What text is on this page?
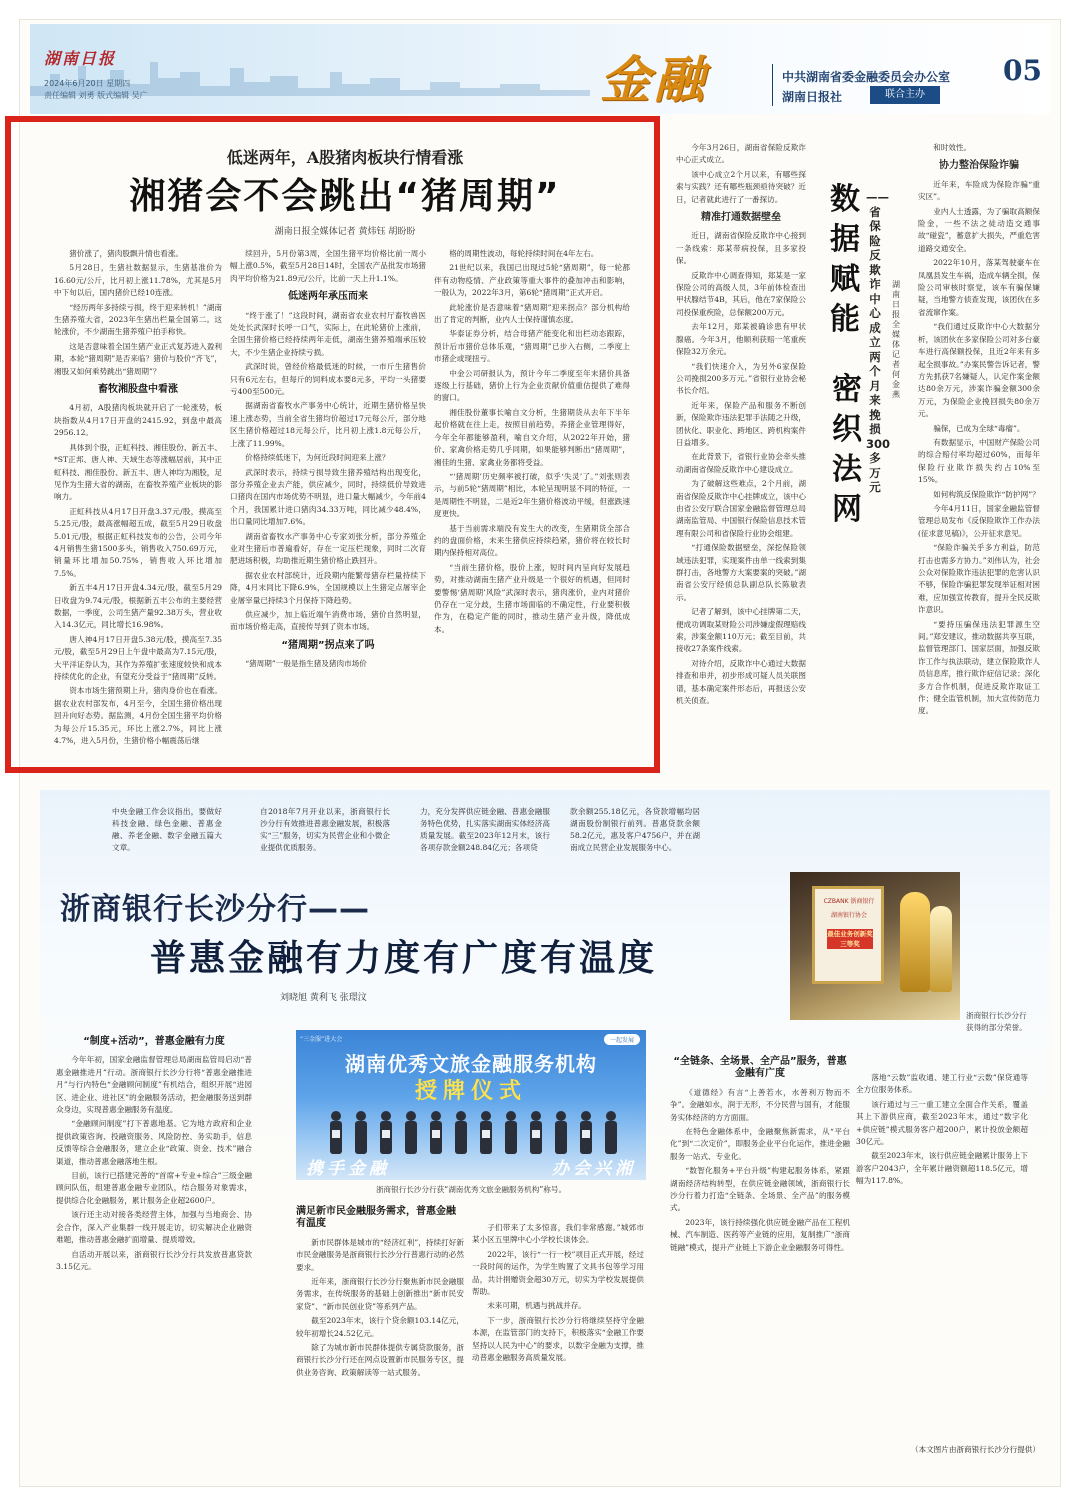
湖南日报
2024年6月20日 星期四
责任编辑 刘勇 版式编辑 吴广	金融	中共湖南省委金融委员会办公室
湖南日报社	联合主办
05
低迷两年，A股猪肉板块行情看涨
湘猪会不会跳出“猪周期”
湖南日报全媒体记者 黄炜钰 胡盼盼

猪价涨了，猪肉股飘升情也看涨。

5月28日，生猪社数据显示，生猪基准价为16.60元/公斤，比月初上涨11.78%，尤其是5月中下旬以后，国内猪价已经10连涨。

“经历两年多持续亏损，终于迎来转机！”湖南生猪养殖大省，2023年生猪出栏量全国第二。这轮涨价，不少湖南生猪养殖户拍手称快。

这是否意味着全国生猪产业正式复苏进入盈利期，本轮“猪周期”是否来临？猪价与股价“齐飞”，湘股又如何乘势跳出“猪周期”？

畜牧湘股盘中看涨

4月初，A股猪肉板块就开启了一轮涨势，板块指数从4月17日开盘的2415.92，到盘中最高2956.12。

具体到个股，正虹科技、湘佳股份、新五丰、*ST正邦、唐人神、天域生态等涨幅居前，其中正虹科技、湘佳股份、新五丰、唐人神均为湘股，足见作为生猪大省的湖南，在畜牧养殖产业板块的影响力。

正虹科技从4月17日开盘3.37元/股，摸高至5.25元/股，最高涨幅超五成，截至5月29日收盘5.01元/股，根据正虹科技发布的公告，公司今年4月销售生猪1500多头，销售收入750.69万元，销量环比增加50.75%，销售收入环比增加7.5%。

新五丰4月17日开盘4.34元/股，截至5月29日收盘为9.74元/股，根据新五丰公布的主要经营数据，一季度，公司生猪产量92.38万头，营业收入14.3亿元，同比增长16.98%。

唐人神4月17日开盘5.38元/股，摸高至7.35元/股，截至5月29日上午盘中最高为7.15元/股，大平洋证券认为，其作为养殖扩张速度较快和成本持续优化的企业，有望充分受益于“猪周期”反转。

资本市场生猪预期上升，猪肉身价也在看涨。据农业农村部发布，4月至今，全国生猪价格出现回升向好态势。据监测，4月份全国生猪平均价格为每公斤15.35元，环比上涨2.7%，同比上涨4.7%，进入5月份，生猪价格小幅震荡后继

续回升，5月份第3周，全国生猪平均价格比前一周小幅上涨0.5%，截至5月28日14时，全国农产品批发市场猪肉平均价格为21.89元/公斤，比前一天上升1.1%。

低迷两年承压而来

“终于涨了！”这段时间，湖南省农业农村厅畜牧兽医处处长武深时长呼一口气，实际上，在此轮猪价上涨前，全国生猪价格已经持续两年走低，湖南生猪养殖端承压较大，不少生猪企业持续亏损。

武深时说，曾经价格最低迷的时候，一市斤生猪售价只有6元左右，但每斤的饲料成本要8元多，平均一头猪要亏400至500元。

据湖南省畜牧水产事务中心统计，近期生猪价格呈快速上涨态势，当前全省生猪均价超过17元每公斤，部分地区生猪价格超过18元每公斤，比月初上涨1.8元每公斤，上涨了11.99%。

价格持续低迷下，为何近段时间迎来上涨？

武深时表示，持续亏损导致生猪养殖结构出现变化，部分养殖企业去产能，供应减少，同时，持续低价导致进口猪肉在国内市场优势不明显，进口量大幅减少，今年前4个月，我国累计进口猪肉34.33万吨，同比减少48.4%，出口量同比增加7.6%。

湖南省畜牧水产事务中心专家刘张分析，部分养殖企业对生猪后市普遍看好，存在一定压栏现象，同时二次育肥进场积极，均助推近期生猪价格止跌回升。

据农业农村部统计，近段期内能繁母猪存栏量持续下降，4月末同比下降6.9%，全国规模以上生猪定点屠宰企业屠宰量已持续3个月保持下降趋势。

供应减少，加上临近端午消费市场，猪价自然明显，而市场价格走高，直接传导到了资本市场。

“猪周期”拐点来了吗

“猪周期”一般是指生猪及猪肉市场价

格的周期性波动，每轮持续时间在4年左右。

21世纪以来，我国已出现过5轮“猪周期”，每一轮都伴有动物疫情、产业政策等重大事件的叠加冲击和影响，一般认为，2022年3月，第6轮“猪周期”正式开启。

此轮涨价是否意味着“猪周期”迎来拐点？部分机构给出了肯定的判断，业内人士保持谨慎态度。

华泰证券分析，结合母猪产能变化和出栏动态跟踪，预计后市猪价总体乐观，“猪周期”已步入右侧，二季度上市猪企或现扭亏。

中金公司研报认为，预计今年二季度至年末猪价具备逐级上行基础，猪价上行为企业贡献价值重估提供了难得的窗口。

湘佳股份董事长喻自文分析，生猪期货从去年下半年起价格就在往上走，按照目前趋势，养猪企业管理得好，今年全年都能够盈利，喻自文介绍，从2022年开始，猪价、家禽价格走势几乎同期，如果能够判断出“猪周期”，湘佳的生猪、家禽业务都将受益。

“‘猪周期’历史频率被打破，似乎‘失灵’了。”刘张则表示，与前5轮“猪周期”相比，本轮呈现明显不同的特征，一是周期性不明显，二是近2年生猪价格波动平缓，但涨跌速度更快。

基于当前需求端没有发生大的改变，生猪期货全部合约的盘面价格，未来生猪供应持续趋紧，猪价将在较长时期内保持相对高位。

“当前生猪价格，股价上涨，短时间内呈向好发展趋势，对推动湖南生猪产业升级是一个很好的机遇，但同时要警惕‘猪周期’风险”武深时表示，猪肉涨价，业内对猪价仍存在一定分歧，生猪市场面临的不确定性，行业要积极作为，在稳定产能的同时，推动生猪产业升级，降低成本。

今年3月26日，湖南省保险反欺诈中心正式成立。

该中心成立2个月以来，有哪些探索与实践？还有哪些瓶颈亟待突破？近日，记者就此进行了一番探访。

精准打通数据壁垒

近日，湖南省保险反欺诈中心接到一条线索：郑某带病投保，且多家投保。

反欺诈中心调查得知，郑某是一家保险公司的高级人员，3年前体检查出甲状腺结节4B，其后，他在7家保险公司投保重疾险，总保额200万元。

去年12月，郑某被确诊患有甲状腺癌。今年3月，他顺利获赔一笔重疾保险32万余元。

“我们快速介入，为另外6家保险公司挽损200多万元。”省银行业协会秘书长介绍。

近年来，保险产品和服务不断创新，保险欺诈违法犯罪手法随之升级，团伙化、职业化、跨地区、跨机构案件日益增多。

在此背景下，省银行业协会牵头推动湖南省保险反欺诈中心建设成立。

为了破解这些难点，2个月前，湖南省保险反欺诈中心挂牌成立，该中心由省公安厅联合国家金融监督管理总局湖南监管局、中国银行保险信息技术管理有限公司和省保险行业协会组建。

“打通保险数据壁垒，深挖保险领域违法犯罪，实现案件由单一线索到集群打击，各地警方大案要案的突破。”湖南省公安厅经侦总队副总队长陈敏表示。

记者了解到，该中心挂牌第二天，便成功调取某财险公司涉嫌虚假理赔线索，涉案金额110万元；截至目前，共接收27条案件线索。

对待介绍，反欺诈中心通过大数据排查和串并，初步形成可疑人员关联图谱，基本确定案件形态后，再报送公安机关侦查。

数据赋能
密织法网
——省保险反欺诈中心成立两个月来挽损300多万元
湖南日报全媒体记者 何金燕

和时效性。

协力整治保险诈骗

近年来，车险成为保险诈骗“重灾区”。

业内人士透露，为了骗取高额保险金，一些不法之徒动造交通事故“碰瓷”，蓄意扩大损失，严重危害道路交通安全。

2022年10月，落某驾驶豪车在凤凰县发生车祸，造成车辆全损，保险公司审核时察觉，该车有骗保嫌疑，当地警方侦查发现，该团伙在多省流窜作案。

“我们通过反欺诈中心大数据分析，该团伙在多家保险公司对多台豪车进行高保额投保，且近2年来有多起全损事故。”办案民警告诉记者，警方先抓获7名嫌疑人，认定作案金额达80余万元，涉案诈骗金额300余万元，为保险企业挽回损失80余万元。

骗保，已成为全球“毒瘤”。

有数据显示，中国财产保险公司的综合赔付率均超过60%，而每年保险行业欺诈损失约占10%至15%。

如何构筑反保险欺诈“防护网”？

今年4月11日，国家金融监管督管理总局发布《反保险欺诈工作办法(征求意见稿)》，公开征求意见。

“保险诈骗关乎多方利益，防范打击也需多方协力。”刘伟认为，社会公众对保险欺诈违法犯罪的危害认识不够，保险诈骗犯罪发现举证相对困难，应加强宣传教育，提升全民反欺诈意识。

“要持压骗保违法犯罪源生空间。”郑安建议，推动数据共享互联，监督管理部门、国家层面，加强反欺诈工作与执法联动，建立保险欺诈人员信息库，推行欺诈症信记录；深化多方合作机制，促进反欺诈取证工作；健全监管机制，加大宣传防范力度。

中央金融工作会议指出，要做好科技金融、绿色金融、普惠金融、养老金融、数字金融五篇大文章。
自2018年7月开业以来，浙商银行长沙分行有效推进普惠金融发展，积极落实“三”服务，切实为民营企业和小微企业提供优质服务。
力，充分发挥供应链金融、普惠金融服务特色优势，扎实落实湖南实体经济高质量发展。截至2023年12月末，该行各项存款金额248.84亿元；各项贷
款余额255.18亿元，各贷款增幅均居湖南股份制银行前列。普惠贷款余额58.2亿元，惠及客户4756户，并在湖南成立民营企业发展服务中心。
浙商银行长沙分行——
普惠金融有力度有广度有温度
刘晓旭 黄利飞 张璟汶
CZBANK 浙商银行
湖南银行协会
最佳业务创新奖 三等奖
浙商银行长沙分行获得的部分荣誉。
“制度+活动”，普惠金融有力度

今年年初，国家金融监督管理总局湖南监管局启动“普惠金融推进月”行动。浙商银行长沙分行将“普惠金融推进月”与行内特色“金融顾问制度”有机结合，组织开展“进园区、进企业、进社区”的金融服务活动，把金融服务送到群众身边，实现普惠金融服务有温度。

“金融顾问制度”打下普惠地基。它为地方政府和企业提供政策咨询、投融资服务、风险防控、务实助手，信息反馈等综合金融服务，建立企业“政策、资金、技术”融合渠道，推动普惠金融落地生根。

目前，该行已搭建完善的“首席+专业+综合”三级金融顾问队伍，组建普惠金融专业团队，结合服务对象需求，提供综合化金融服务，累计服务企业超2600户。

该行还主动对接各类经营主体，加强与当地商会、协会合作，深入产业集群一线开展走访，切实解决企业融资难题，推动普惠金融扩面增量、提质增效。

自活动开展以来，浙商银行长沙分行共发放普惠贷款3.15亿元。

“三金服”进大会	一起发展
湖南优秀文旅金融服务机构
授牌仪式
携手金融	办会兴湘
浙商银行长沙分行获“湖南优秀文旅金融服务机构”称号。
满足新市民金融服务需求，普惠金融有温度

新市民群体是城市的“经济红利”，持续打好新市民金融服务是浙商银行长沙分行普惠行动的必然要求。

近年来，浙商银行长沙分行聚焦新市民金融服务需求，在传统服务的基础上创新推出“新市民安家贷”、“新市民创业贷”等系列产品。

截至2023年末，该行个贷余额103.14亿元，较年初增长24.52亿元。

除了为城市新市民群体提供专属贷款服务，浙商银行长沙分行还在网点设置新市民服务专区，提供业务咨询、政策解读等一站式服务。

子们带来了太多惊喜，我们非常感谢。”城郊市某小区五里牌中心小学校长谈体会。

2022年，该行“一行一校”项目正式开展，经过一段时间的运作，为学生购置了文具书包等学习用品，共计捐赠资金超30万元，切实为学校发展提供帮助。

未来可期，机遇与挑战并存。

下一步，浙商银行长沙分行将继续坚持守金融本源，在监管部门的支持下，积极落实“金融工作要坚持以人民为中心”的要求，以数字金融为支撑，推动普惠金融服务高质量发展。

“全链条、全场景、全产品”服务，普惠金融有广度

《道德经》有言“上善若水，水善利万物而不争”。金融如水，润于无形，不分民营与国有，才能服务实体经济的方方面面。

在特色金融体系中，金融聚焦新需求，从“平台化”到“二次定价”，即服务企业平台化运作，推进金融服务一站式、专业化。

“数智化服务+平台升级”构建起服务体系，紧跟湖南经济结构转型，在供应链金融领域，浙商银行长沙分行着力打造“全链条、全场景、全产品”的服务模式。

2023年，该行持续强化供应链金融产品在工程机械、汽车制造、医药等产业链的应用，复制推广“浙商链融”模式，提升产业链上下游企业金融服务可得性。

落地“云数”监收通、建工行业“云数”保贷通等全方位服务体系。

该行通过与三一重工建立全面合作关系，覆盖其上下游供应商，截至2023年末，通过“数字化+供应链”模式服务客户超200户，累计投放金额超30亿元。

截至2023年末，该行供应链金融累计服务上下游客户2043户，全年累计融资额超118.5亿元，增幅为117.8%。

（本文图片由浙商银行长沙分行提供）
